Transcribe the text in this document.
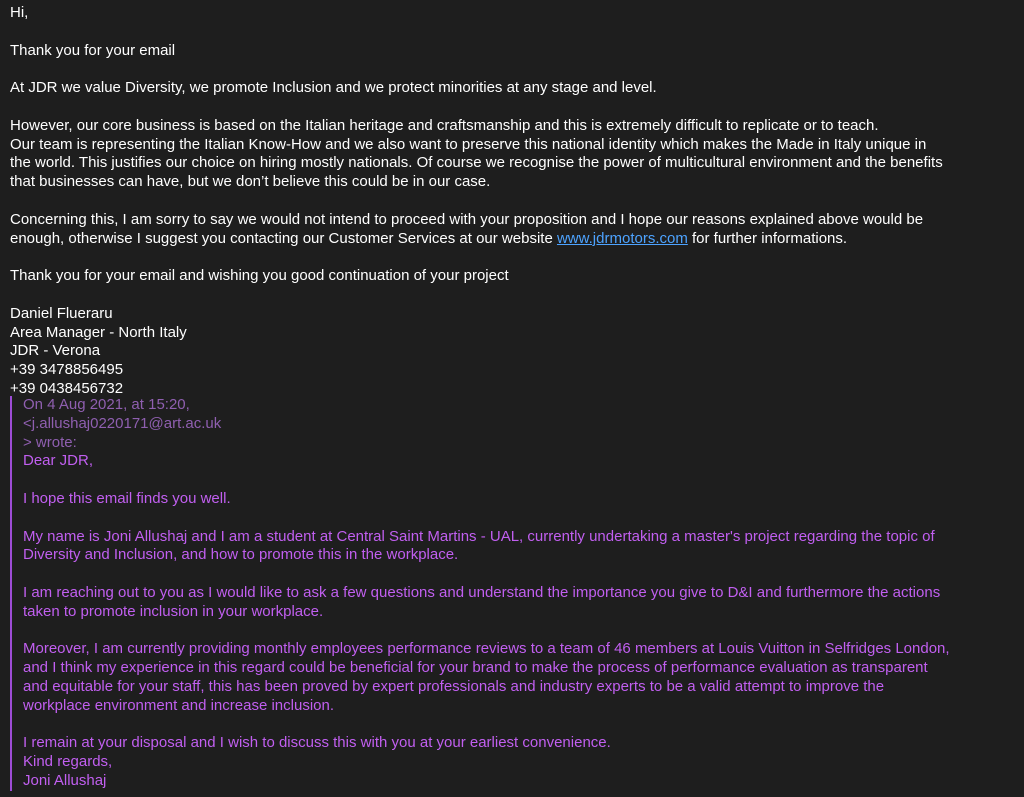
Hi,
Thank you for your email
At JDR we value Diversity, we promote Inclusion and we protect minorities at any stage and level.
However, our core business is based on the Italian heritage and craftsmanship and this is extremely difficult to replicate or to teach.
Our team is representing the Italian Know-How and we also want to preserve this national identity which makes the Made in Italy unique in
the world. This justifies our choice on hiring mostly nationals. Of course we recognise the power of multicultural environment and the benefits
that businesses can have, but we don’t believe this could be in our case.
Concerning this, I am sorry to say we would not intend to proceed with your proposition and I hope our reasons explained above would be
enough, otherwise I suggest you contacting our Customer Services at our website www.jdrmotors.com for further informations.
Thank you for your email and wishing you good continuation of your project
Daniel Flueraru
Area Manager - North Italy
JDR - Verona
+39 3478856495
+39 0438456732
On 4 Aug 2021, at 15:20,
<j.allushaj0220171@art.ac.uk
> wrote:
Dear JDR,
I hope this email finds you well.
My name is Joni Allushaj and I am a student at Central Saint Martins - UAL, currently undertaking a master's project regarding the topic of
Diversity and Inclusion, and how to promote this in the workplace.
I am reaching out to you as I would like to ask a few questions and understand the importance you give to D&I and furthermore the actions
taken to promote inclusion in your workplace.
Moreover, I am currently providing monthly employees performance reviews to a team of 46 members at Louis Vuitton in Selfridges London,
and I think my experience in this regard could be beneficial for your brand to make the process of performance evaluation as transparent
and equitable for your staff, this has been proved by expert professionals and industry experts to be a valid attempt to improve the
workplace environment and increase inclusion.
I remain at your disposal and I wish to discuss this with you at your earliest convenience.
Kind regards,
Joni Allushaj
